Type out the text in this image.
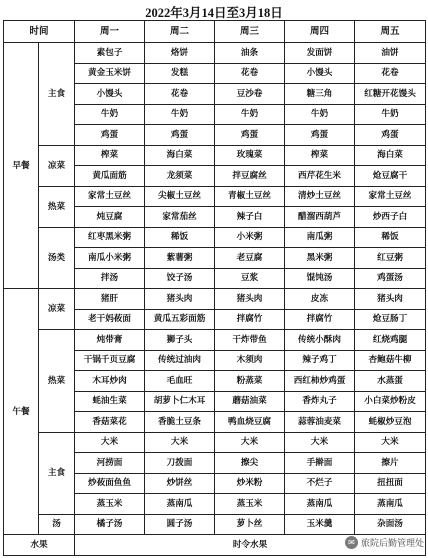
2022年3月14日至3月18日
时间		周一	周二	周三	周四	周五
早餐	主食	素包子	烙饼	油条	发面饼	油饼
		黄金玉米饼	发糕	花卷	小馒头	花卷
		小馒头	花卷	豆沙卷	糖三角	红糖开花馒头
		牛奶	牛奶	牛奶	牛奶	牛奶
		鸡蛋	鸡蛋	鸡蛋	鸡蛋	鸡蛋
	凉菜	榨菜	海白菜	玫瑰菜	榨菜	海白菜
		黄瓜面筋	龙须菜	拌豆腐丝	西芹花生米	炝豆腐干
	热菜	家常土豆丝	尖椒土豆丝	青椒土豆丝	清炒土豆丝	家常土豆丝
		炖豆腐	家常茄丝	辣子白	醋溜西葫芦	炒西子白
	汤类	红枣黑米粥	稀饭	小米粥	南瓜粥	稀饭
		南瓜小米粥	紫薯粥	老豆腐	黑米粥	红豆粥
		拌汤	饺子汤	豆浆	馄饨汤	鸡蛋汤
午餐	凉菜	猪肝	猪头肉	猪头肉	皮冻	猪头肉
		老干妈莜面	黄瓜五彩面筋	拌腐竹	拌腐竹	炝豆肠丁
	热菜	炖带膏	狮子头	干炸带鱼	传统小酥肉	红烧鸡腿
		干锅千页豆腐	传统过油肉	木须肉	辣子鸡丁	杏鲍菇牛柳
		木耳炒肉	毛血旺	粉蒸菜	西红柿炒鸡蛋	水蒸蛋
		蚝油生菜	胡萝卜仁木耳	蘑菇油菜	香炸丸子	小白菜炒粉皮
		香菇菜花	香脆土豆条	鸭血烧豆腐	蒜蓉油麦菜	蚝椒炒豆泡
	主食	大米	大米	大米	大米	大米
		河捞面	刀拨面	擦尖	手擀面	擦片
		炒莜面鱼鱼	炒饼丝	炒米粉	不烂子	扭扭面
		蒸玉米	蒸南瓜	蒸玉米	蒸南瓜	蒸南瓜
	汤	橘子汤	圆子汤	萝卜丝	玉米羹	杂面汤
水果		时令水果					✉ 旅院后勤管理处
